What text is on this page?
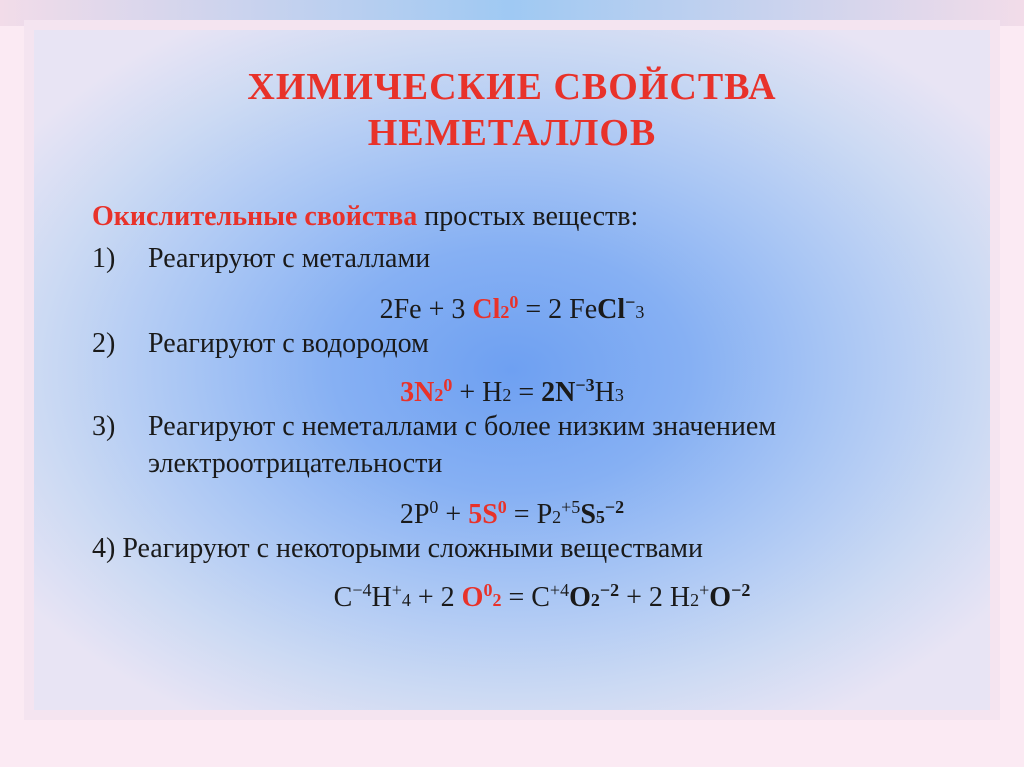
ХИМИЧЕСКИЕ СВОЙСТВА
НЕМЕТАЛЛОВ
Окислительные свойства простых веществ:
1) Реагируют с металлами
2Fe + 3 $Cl2^0 = 2$ FeCl−3
2) Реагируют с водородом
$3N2^0 + H2 = 2N^{-3}H3$
3) Реагируют с неметаллами с более низким значением
электроотрицательности
$2P^0 + 5S^0 = P2^{+5}S5^{-2}$
4) Реагируют с некоторыми сложными веществами
$C^{-4}H^+4 + 2$ $O^02 = C^{+4}O2^{-2} + 2$ $H2^+O^{-2}$
